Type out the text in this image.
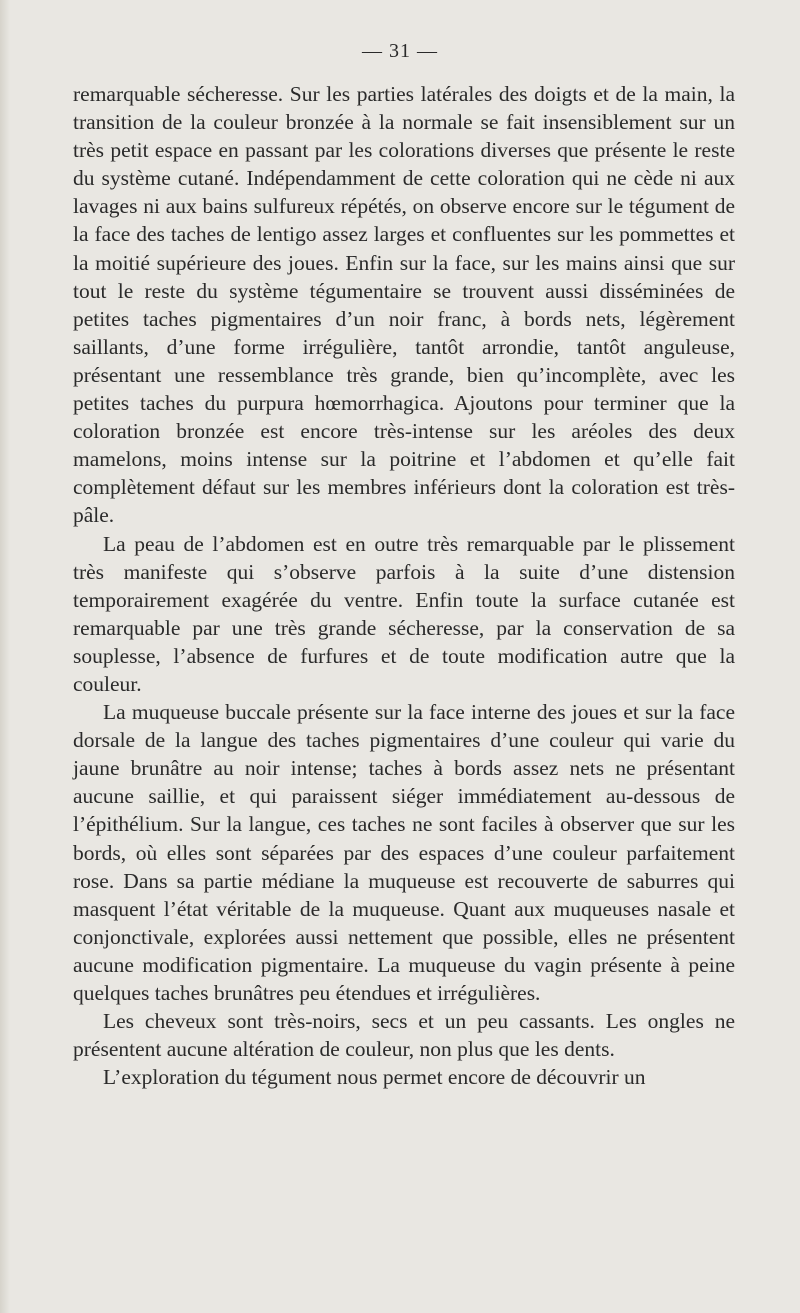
— 31 —

remarquable sécheresse. Sur les parties latérales des doigts et de la main, la transition de la couleur bronzée à la normale se fait insensiblement sur un très petit espace en passant par les colorations diverses que présente le reste du système cutané. Indépendamment de cette coloration qui ne cède ni aux lavages ni aux bains sulfureux répétés, on observe encore sur le tégument de la face des taches de lentigo assez larges et confluentes sur les pommettes et la moitié supérieure des joues. Enfin sur la face, sur les mains ainsi que sur tout le reste du système tégumentaire se trouvent aussi disséminées de petites taches pigmentaires d’un noir franc, à bords nets, légèrement saillants, d’une forme irrégulière, tantôt arrondie, tantôt anguleuse, présentant une ressemblance très grande, bien qu’incomplète, avec les petites taches du purpura hœmorrhagica. Ajoutons pour terminer que la coloration bronzée est encore très-intense sur les aréoles des deux mamelons, moins intense sur la poitrine et l’abdomen et qu’elle fait complètement défaut sur les membres inférieurs dont la coloration est très-pâle.

La peau de l’abdomen est en outre très remarquable par le plissement très manifeste qui s’observe parfois à la suite d’une distension temporairement exagérée du ventre. Enfin toute la surface cutanée est remarquable par une très grande sécheresse, par la conservation de sa souplesse, l’absence de furfures et de toute modification autre que la couleur.

La muqueuse buccale présente sur la face interne des joues et sur la face dorsale de la langue des taches pigmentaires d’une couleur qui varie du jaune brunâtre au noir intense; taches à bords assez nets ne présentant aucune saillie, et qui paraissent siéger immédiatement au-dessous de l’épithélium. Sur la langue, ces taches ne sont faciles à observer que sur les bords, où elles sont séparées par des espaces d’une couleur parfaitement rose. Dans sa partie médiane la muqueuse est recouverte de saburres qui masquent l’état véritable de la muqueuse. Quant aux muqueuses nasale et conjonctivale, explorées aussi nettement que possible, elles ne présentent aucune modification pigmentaire. La muqueuse du vagin présente à peine quelques taches brunâtres peu étendues et irrégulières.

Les cheveux sont très-noirs, secs et un peu cassants. Les ongles ne présentent aucune altération de couleur, non plus que les dents.

L’exploration du tégument nous permet encore de découvrir un
